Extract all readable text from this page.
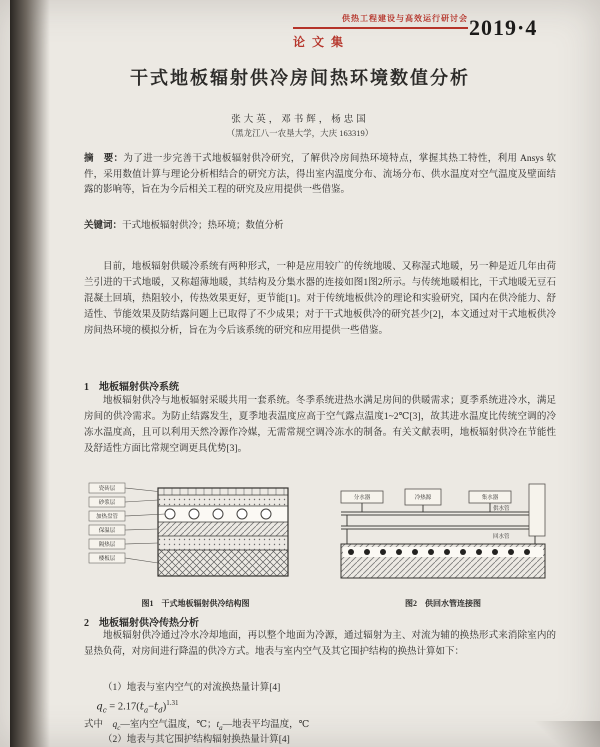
供热工程建设与高效运行研讨会
论文集
2019·4
干式地板辐射供冷房间热环境数值分析
张大英，邓书辉，杨忠国
（黑龙江八一农垦大学，大庆 163319）

摘　要：为了进一步完善干式地板辐射供冷研究，了解供冷房间热环境特点，掌握其热工特性，利用 Ansys 软件，采用数值计算与理论分析相结合的研究方法，得出室内温度分布、流场分布、供水温度对空气温度及壁面结露的影响等，旨在为今后相关工程的研究及应用提供一些借鉴。

关键词：干式地板辐射供冷；热环境；数值分析

目前，地板辐射供暖冷系统有两种形式，一种是应用较广的传统地暖、又称湿式地暖，另一种是近几年由荷兰引进的干式地暖，又称超薄地暖，其结构及分集水器的连接如图1图2所示。与传统地暖相比，干式地暖无豆石混凝土回填，热阻较小，传热效果更好，更节能[1]。对于传统地板供冷的理论和实验研究，国内在供冷能力、舒适性、节能效果及防结露问题上已取得了不少成果；对于干式地板供冷的研究甚少[2]，本文通过对干式地板供冷房间热环境的模拟分析，旨在为今后该系统的研究和应用提供一些借鉴。

1　地板辐射供冷系统

地板辐射供冷与地板辐射采暖共用一套系统。冬季系统进热水满足房间的供暖需求；夏季系统进冷水，满足房间的供冷需求。为防止结露发生，夏季地表温度应高于空气露点温度1~2℃[3]，故其进水温度比传统空调的冷冻水温度高，且可以利用天然冷源作冷媒，无需常规空调冷冻水的制备。有关文献表明，地板辐射供冷在节能性及舒适性方面比常规空调更具优势[3]。

瓷砖层
砂浆层
加热盘管
保温层
隔热层
楼板层
分水器	冷热源	集水器
供水管
回水管
图1　干式地板辐射供冷结构图	图2　供回水管连接图
2　地板辐射供冷传热分析

地板辐射供冷通过冷水冷却地面，再以整个地面为冷源，通过辐射为主、对流为辅的换热形式来消除室内的显热负荷，对房间进行降温的供冷方式。地表与室内空气及其它围护结构的换热计算如下：

（1）地表与室内空气的对流换热量计算[4]

$q_c = 2.17(t_a-t_d)^{1.31}$

式中　$q_c—$室内空气温度，℃；$t_a—$地表平均温度，℃

（2）地表与其它围护结构辐射换热量计算[4]
